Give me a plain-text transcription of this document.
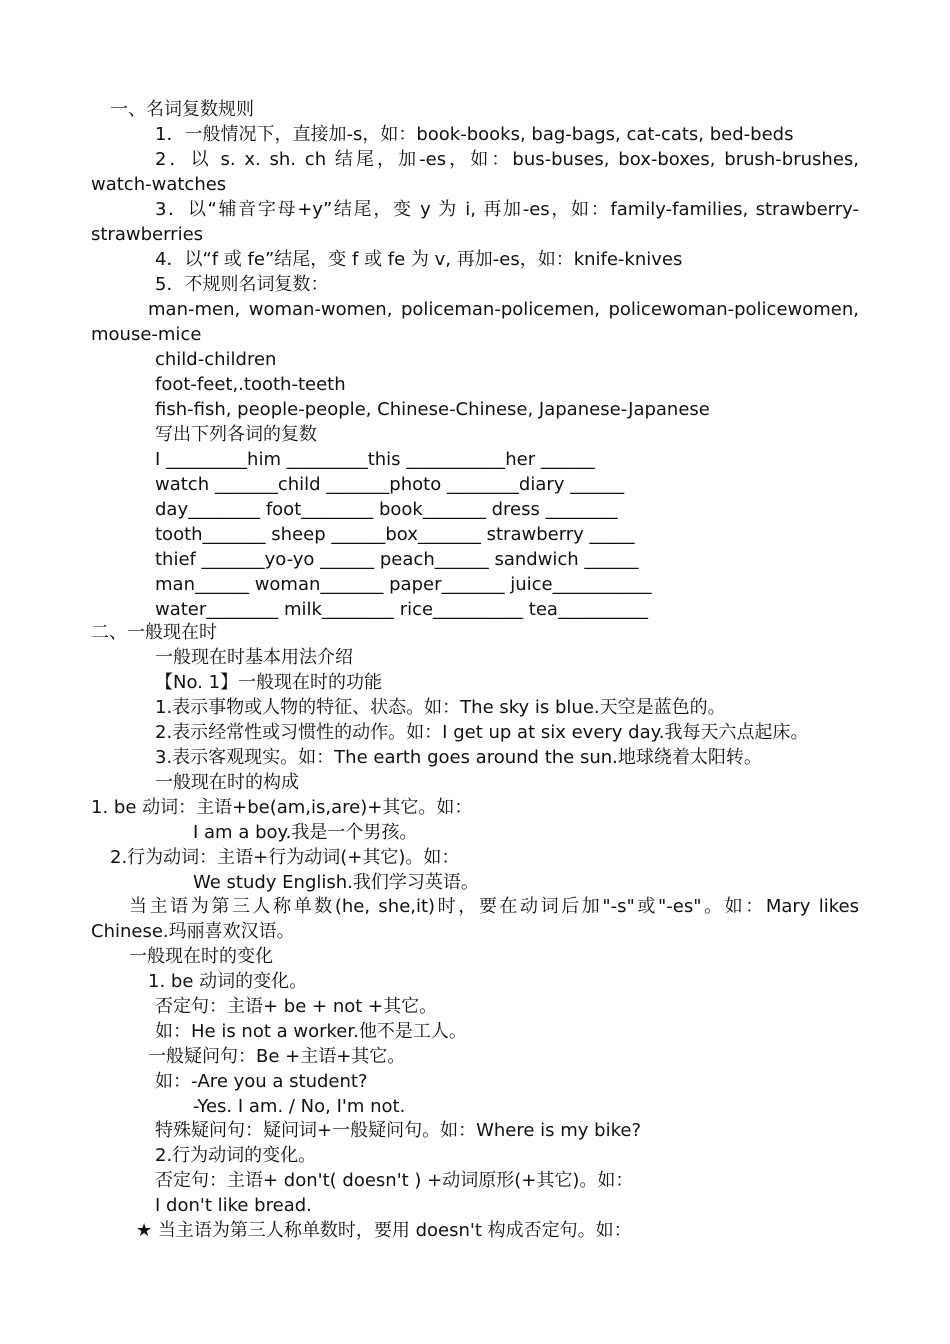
一、名词复数规则

1．一般情况下，直接加-s，如：book-books, bag-bags, cat-cats, bed-beds

2．以 s. x. sh. ch 结尾，加-es，如：bus-buses, box-boxes, brush-brushes, watch-watches

3．以“辅音字母+y”结尾，变 y 为 i, 再加-es，如：family-families, strawberry-strawberries

4．以“f 或 fe”结尾，变 f 或 fe 为 v, 再加-es，如：knife-knives

5．不规则名词复数：

man-men, woman-women, policeman-policemen, policewoman-policewomen, mouse-mice

child-children

foot-feet,.tooth-teeth

fish-fish, people-people, Chinese-Chinese, Japanese-Japanese

写出下列各词的复数

I _________him _________this ___________her ______

watch _______child _______photo ________diary ______

day________ foot________ book_______ dress ________

tooth_______ sheep ______box_______ strawberry _____

thief _______yo-yo ______ peach______ sandwich ______

man______ woman_______ paper_______ juice___________

water________ milk________ rice__________ tea__________

二、一般现在时

一般现在时基本用法介绍

【No. 1】一般现在时的功能

1.表示事物或人物的特征、状态。如：The sky is blue.天空是蓝色的。

2.表示经常性或习惯性的动作。如：I get up at six every day.我每天六点起床。

3.表示客观现实。如：The earth goes around the sun.地球绕着太阳转。

一般现在时的构成

1. be 动词：主语+be(am,is,are)+其它。如：

I am a boy.我是一个男孩。

2.行为动词：主语+行为动词(+其它)。如：

We study English.我们学习英语。

当主语为第三人称单数(he, she,it)时，要在动词后加"-s"或"-es"。如：Mary likes Chinese.玛丽喜欢汉语。

一般现在时的变化

1. be 动词的变化。

否定句：主语+ be + not +其它。

如：He is not a worker.他不是工人。

一般疑问句：Be +主语+其它。

如：-Are you a student?

-Yes. I am. / No, I'm not.

特殊疑问句：疑问词+一般疑问句。如：Where is my bike?

2.行为动词的变化。

否定句：主语+ don't( doesn't ) +动词原形(+其它)。如：

I don't like bread.

★ 当主语为第三人称单数时，要用 doesn't 构成否定句。如：
